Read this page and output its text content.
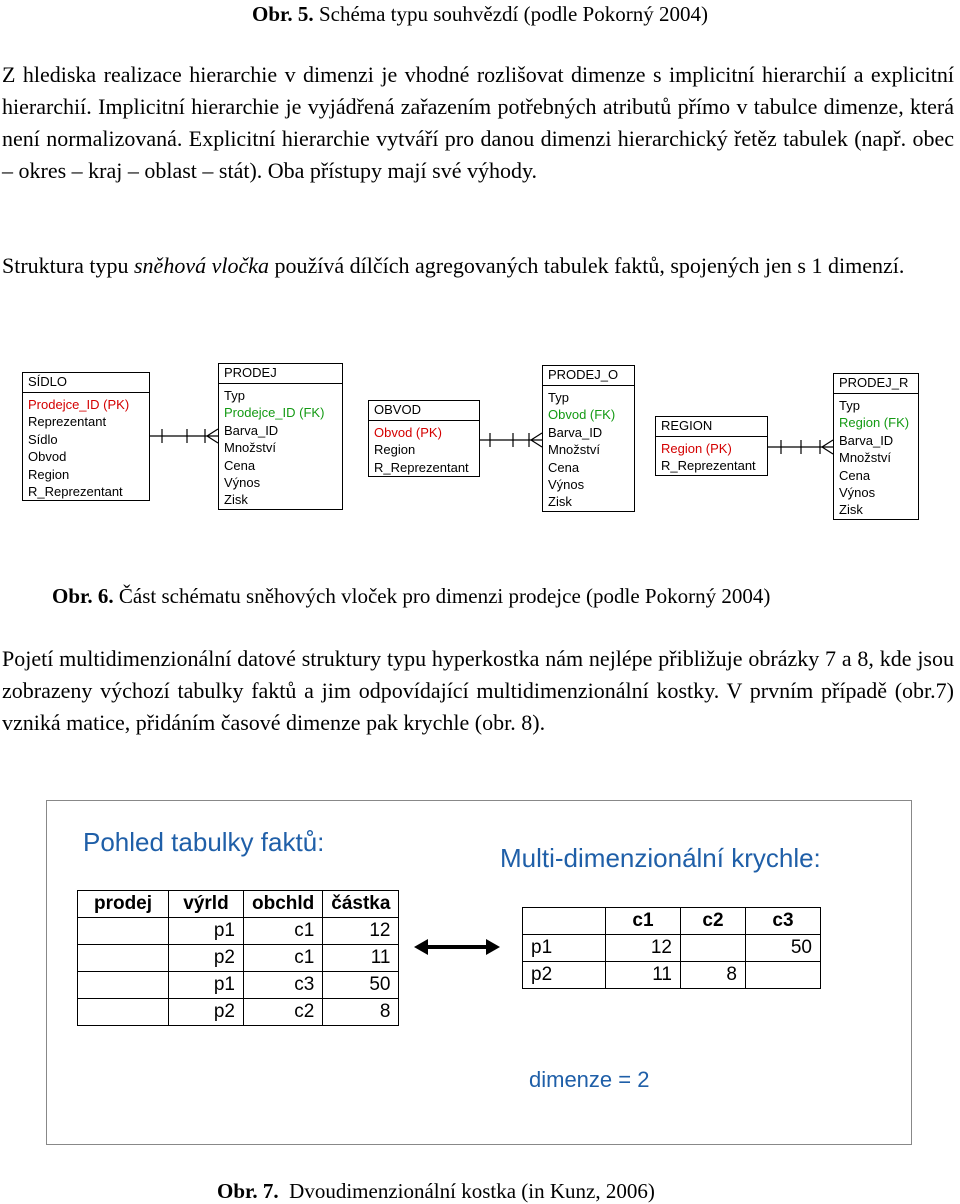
Obr. 5. Schéma typu souhvězdí (podle Pokorný 2004)

Z hlediska realizace hierarchie v dimenzi je vhodné rozlišovat dimenze s implicitní hierarchií a explicitní hierarchií. Implicitní hierarchie je vyjádřená zařazením potřebných atributů přímo v tabulce dimenze, která není normalizovaná. Explicitní hierarchie vytváří pro danou dimenzi hierarchický řetěz tabulek (např. obec – okres – kraj – oblast – stát). Oba přístupy mají své výhody.

Struktura typu sněhová vločka používá dílčích agregovaných tabulek faktů, spojených jen s 1 dimenzí.

SÍDLO
Prodejce_ID (PK)
Reprezentant
Sídlo
Obvod
Region
R_Reprezentant
PRODEJ
Typ
Prodejce_ID (FK)
Barva_ID
Množství
Cena
Výnos
Zisk
OBVOD
Obvod (PK)
Region
R_Reprezentant
PRODEJ_O
Typ
Obvod (FK)
Barva_ID
Množství
Cena
Výnos
Zisk
REGION
Region (PK)
R_Reprezentant
PRODEJ_R
Typ
Region (FK)
Barva_ID
Množství
Cena
Výnos
Zisk
Obr. 6. Část schématu sněhových vloček pro dimenzi prodejce (podle Pokorný 2004)

Pojetí multidimenzionální datové struktury typu hyperkostka nám nejlépe přibližuje obrázky 7 a 8, kde jsou zobrazeny výchozí tabulky faktů a jim odpovídající multidimenzionální kostky. V prvním případě (obr.7) vzniká matice, přidáním časové dimenze pak krychle (obr. 8).

Pohled tabulky faktů:
Multi-dimenzionální krychle:
prodej	výrld	obchld	částka
	p1	c1	12
	p2	c1	11
	p1	c3	50
	p2	c2	8
	c1	c2	c3
p1	12		50
p2	11	8	
dimenze = 2
Obr. 7.  Dvoudimenzionální kostka (in Kunz, 2006)
